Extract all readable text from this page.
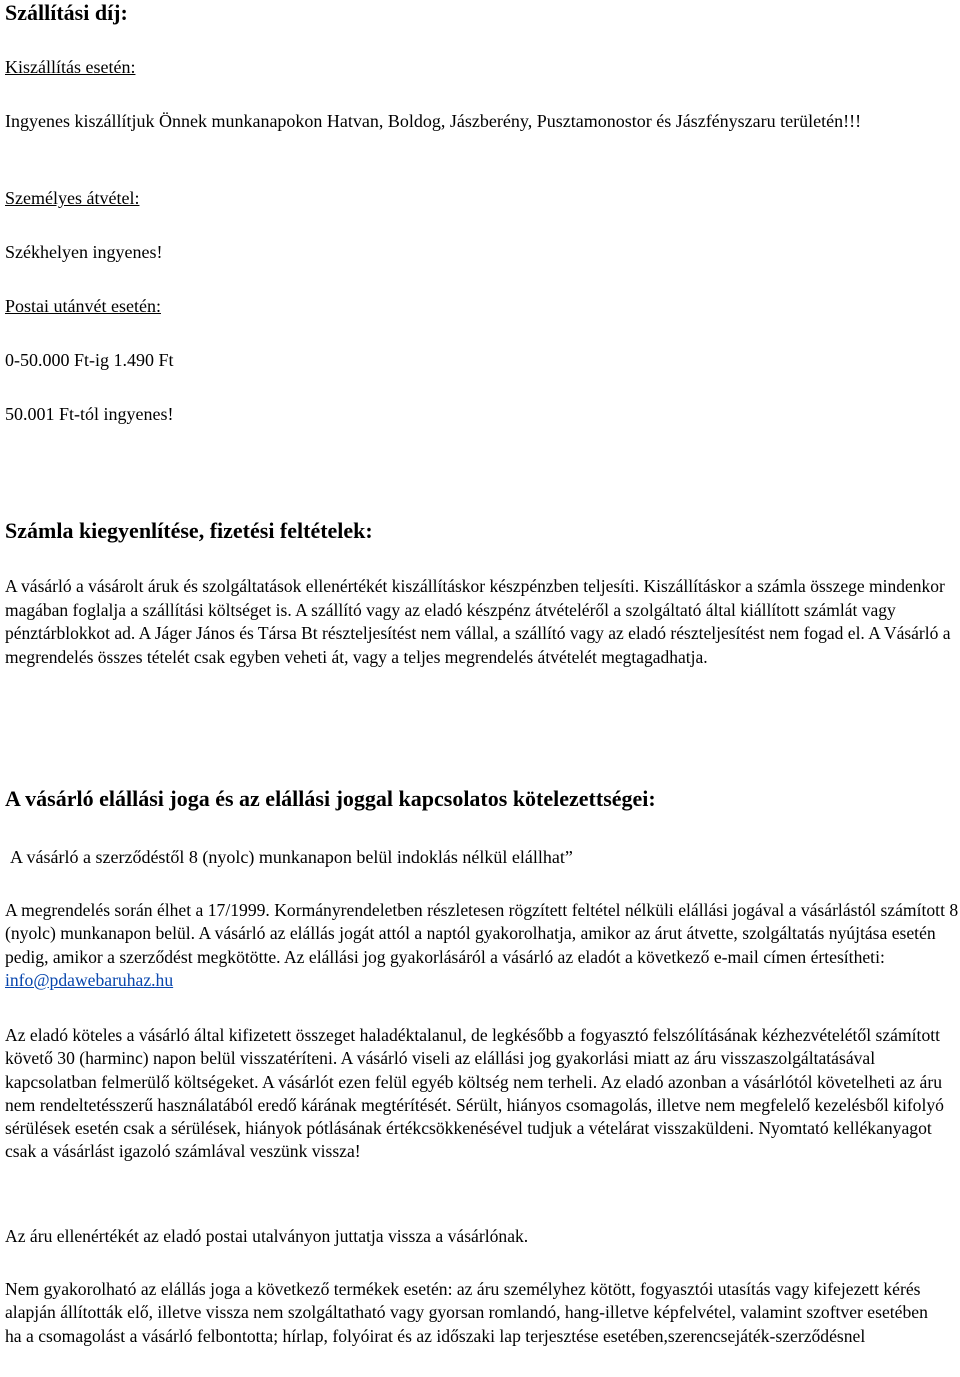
Szállítási díj:

Kiszállítás esetén:

Ingyenes kiszállítjuk Önnek munkanapokon Hatvan, Boldog, Jászberény, Pusztamonostor és Jászfényszaru területén!!!

Személyes átvétel:

Székhelyen ingyenes!

Postai utánvét esetén:

0-50.000 Ft-ig 1.490 Ft

50.001 Ft-tól ingyenes!

Számla kiegyenlítése, fizetési feltételek:

A vásárló a vásárolt áruk és szolgáltatások ellenértékét kiszállításkor készpénzben teljesíti. Kiszállításkor a számla összege mindenkor magában foglalja a szállítási költséget is. A szállító vagy az eladó készpénz átvételéről a szolgáltató által kiállított számlát vagy pénztárblokkot ad. A Jáger János és Társa Bt részteljesítést nem vállal, a szállító vagy az eladó részteljesítést nem fogad el. A Vásárló a megrendelés összes tételét csak egyben veheti át, vagy a teljes megrendelés átvételét megtagadhatja.

A vásárló elállási joga és az elállási joggal kapcsolatos kötelezettségei:

A vásárló a szerződéstől 8 (nyolc) munkanapon belül indoklás nélkül elállhat”

A megrendelés során élhet a 17/1999. Kormányrendeletben részletesen rögzített feltétel nélküli elállási jogával a vásárlástól számított 8 (nyolc) munkanapon belül. A vásárló az elállás jogát attól a naptól gyakorolhatja, amikor az árut átvette, szolgáltatás nyújtása esetén pedig, amikor a szerződést megkötötte. Az elállási jog gyakorlásáról a vásárló az eladót a következő e-mail címen értesítheti: info@pdawebaruhaz.hu

Az eladó köteles a vásárló által kifizetett összeget haladéktalanul, de legkésőbb a fogyasztó felszólításának kézhezvételétől számított követő 30 (harminc) napon belül visszatéríteni. A vásárló viseli az elállási jog gyakorlási miatt az áru visszaszolgáltatásával kapcsolatban felmerülő költségeket. A vásárlót ezen felül egyéb költség nem terheli. Az eladó azonban a vásárlótól követelheti az áru nem rendeltetésszerű használatából eredő kárának megtérítését. Sérült, hiányos csomagolás, illetve nem megfelelő kezelésből kifolyó sérülések esetén csak a sérülések, hiányok pótlásának értékcsökkenésével tudjuk a vételárat visszaküldeni. Nyomtató kellékanyagot csak a vásárlást igazoló számlával veszünk vissza!

Az áru ellenértékét az eladó postai utalványon juttatja vissza a vásárlónak.

Nem gyakorolható az elállás joga a következő termékek esetén: az áru személyhez kötött, fogyasztói utasítás vagy kifejezett kérés alapján állították elő, illetve vissza nem szolgáltatható vagy gyorsan romlandó, hang-illetve képfelvétel, valamint szoftver esetében ha a csomagolást a vásárló felbontotta; hírlap, folyóirat és az időszaki lap terjesztése esetében,szerencsejáték-szerződésnel
